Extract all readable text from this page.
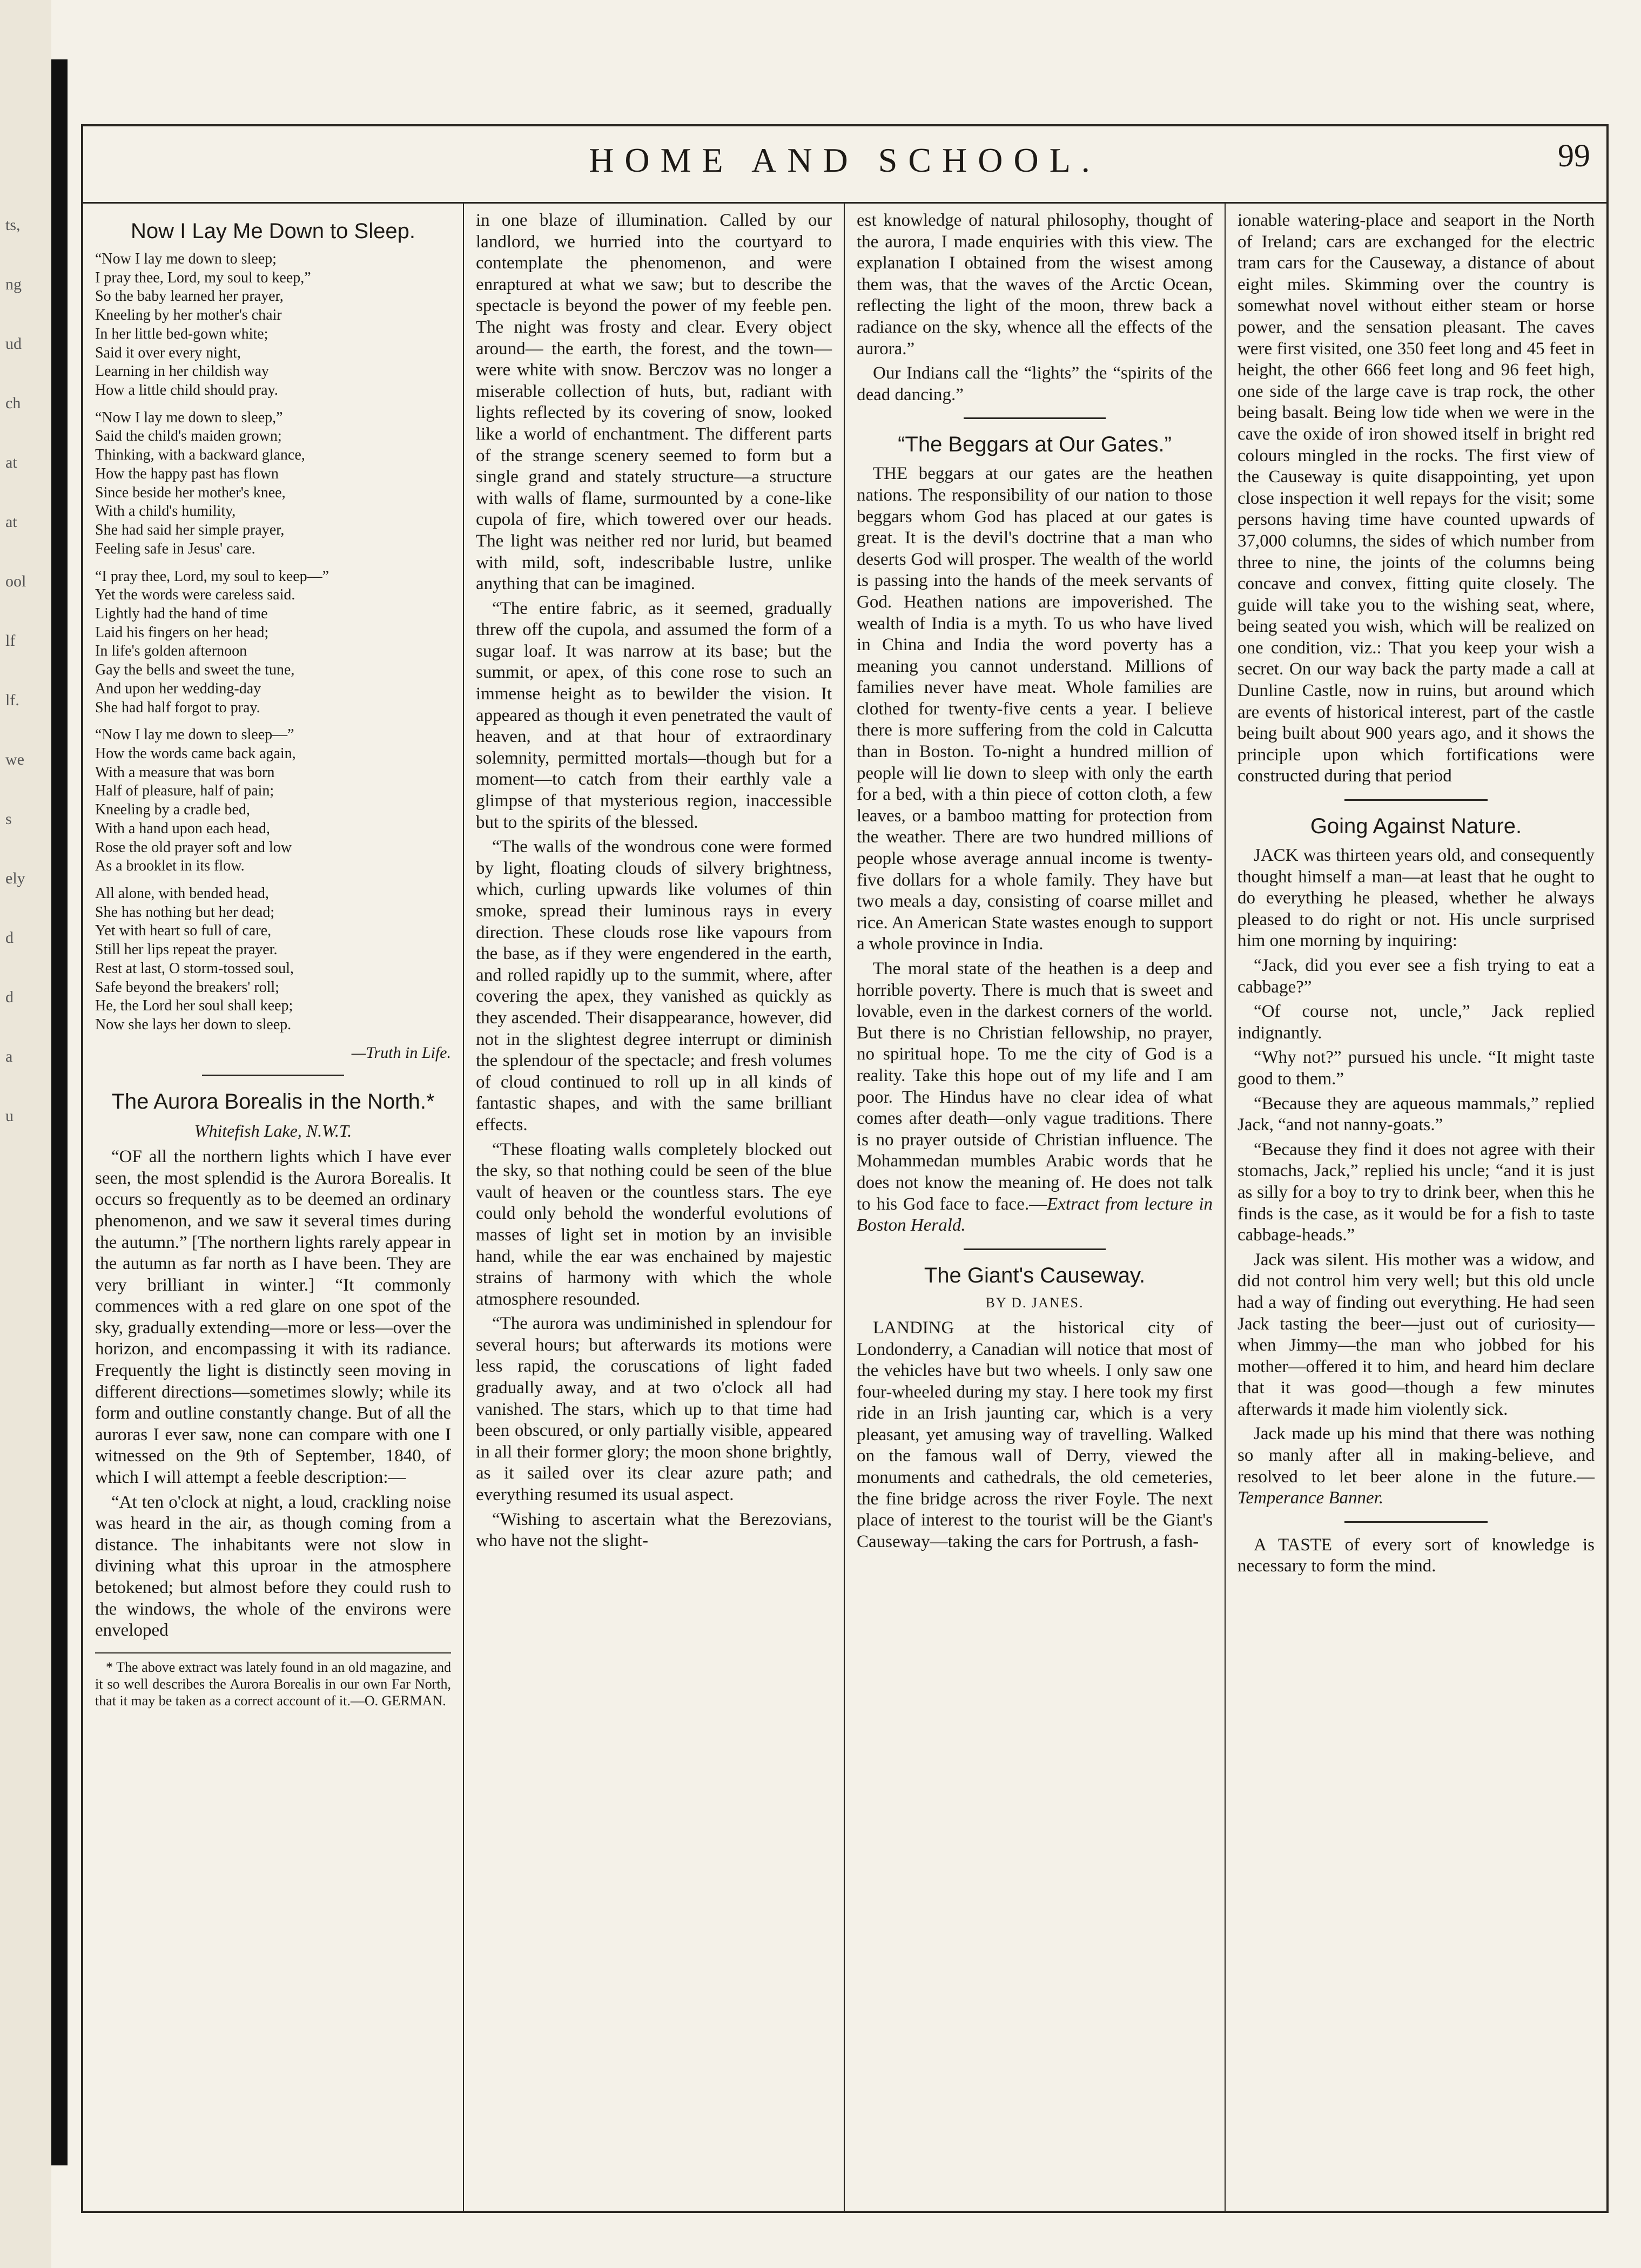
ts,
ng
ud
ch
at
at
ool
lf
lf.
we
s
ely
d
d
a
u
HOME AND SCHOOL.	99
Now I Lay Me Down to Sleep.
“Now I lay me down to sleep;
I pray thee, Lord, my soul to keep,”
So the baby learned her prayer,
Kneeling by her mother's chair
In her little bed-gown white;
Said it over every night,
Learning in her childish way
How a little child should pray.
“Now I lay me down to sleep,”
Said the child's maiden grown;
Thinking, with a backward glance,
How the happy past has flown
Since beside her mother's knee,
With a child's humility,
She had said her simple prayer,
Feeling safe in Jesus' care.
“I pray thee, Lord, my soul to keep—”
Yet the words were careless said.
Lightly had the hand of time
Laid his fingers on her head;
In life's golden afternoon
Gay the bells and sweet the tune,
And upon her wedding-day
She had half forgot to pray.
“Now I lay me down to sleep—”
How the words came back again,
With a measure that was born
Half of pleasure, half of pain;
Kneeling by a cradle bed,
With a hand upon each head,
Rose the old prayer soft and low
As a brooklet in its flow.
All alone, with bended head,
She has nothing but her dead;
Yet with heart so full of care,
Still her lips repeat the prayer.
Rest at last, O storm-tossed soul,
Safe beyond the breakers' roll;
He, the Lord her soul shall keep;
Now she lays her down to sleep.
—Truth in Life.
The Aurora Borealis in the North.*
Whitefish Lake, N.W.T.

“OF all the northern lights which I have ever seen, the most splendid is the Aurora Borealis. It occurs so frequently as to be deemed an ordinary phenomenon, and we saw it several times during the autumn.” [The northern lights rarely appear in the autumn as far north as I have been. They are very brilliant in winter.] “It commonly commences with a red glare on one spot of the sky, gradually extending—more or less—over the horizon, and encompassing it with its radiance. Frequently the light is distinctly seen moving in different directions—sometimes slowly; while its form and outline constantly change. But of all the auroras I ever saw, none can compare with one I witnessed on the 9th of September, 1840, of which I will attempt a feeble description:—

“At ten o'clock at night, a loud, crackling noise was heard in the air, as though coming from a distance. The inhabitants were not slow in divining what this uproar in the atmosphere betokened; but almost before they could rush to the windows, the whole of the environs were enveloped

* The above extract was lately found in an old magazine, and it so well describes the Aurora Borealis in our own Far North, that it may be taken as a correct account of it.—O. GERMAN.

in one blaze of illumination. Called by our landlord, we hurried into the courtyard to contemplate the phenomenon, and were enraptured at what we saw; but to describe the spectacle is beyond the power of my feeble pen. The night was frosty and clear. Every object around— the earth, the forest, and the town—were white with snow. Berczov was no longer a miserable collection of huts, but, radiant with lights reflected by its covering of snow, looked like a world of enchantment. The different parts of the strange scenery seemed to form but a single grand and stately structure—a structure with walls of flame, surmounted by a cone-like cupola of fire, which towered over our heads. The light was neither red nor lurid, but beamed with mild, soft, indescribable lustre, unlike anything that can be imagined.

“The entire fabric, as it seemed, gradually threw off the cupola, and assumed the form of a sugar loaf. It was narrow at its base; but the summit, or apex, of this cone rose to such an immense height as to bewilder the vision. It appeared as though it even penetrated the vault of heaven, and at that hour of extraordinary solemnity, permitted mortals—though but for a moment—to catch from their earthly vale a glimpse of that mysterious region, inaccessible but to the spirits of the blessed.

“The walls of the wondrous cone were formed by light, floating clouds of silvery brightness, which, curling upwards like volumes of thin smoke, spread their luminous rays in every direction. These clouds rose like vapours from the base, as if they were engendered in the earth, and rolled rapidly up to the summit, where, after covering the apex, they vanished as quickly as they ascended. Their disappearance, however, did not in the slightest degree interrupt or diminish the splendour of the spectacle; and fresh volumes of cloud continued to roll up in all kinds of fantastic shapes, and with the same brilliant effects.

“These floating walls completely blocked out the sky, so that nothing could be seen of the blue vault of heaven or the countless stars. The eye could only behold the wonderful evolutions of masses of light set in motion by an invisible hand, while the ear was enchained by majestic strains of harmony with which the whole atmosphere resounded.

“The aurora was undiminished in splendour for several hours; but afterwards its motions were less rapid, the coruscations of light faded gradually away, and at two o'clock all had vanished. The stars, which up to that time had been obscured, or only partially visible, appeared in all their former glory; the moon shone brightly, as it sailed over its clear azure path; and everything resumed its usual aspect.

“Wishing to ascertain what the Berezovians, who have not the slight-

est knowledge of natural philosophy, thought of the aurora, I made enquiries with this view. The explanation I obtained from the wisest among them was, that the waves of the Arctic Ocean, reflecting the light of the moon, threw back a radiance on the sky, whence all the effects of the aurora.”

Our Indians call the “lights” the “spirits of the dead dancing.”

“The Beggars at Our Gates.”

THE beggars at our gates are the heathen nations. The responsibility of our nation to those beggars whom God has placed at our gates is great. It is the devil's doctrine that a man who deserts God will prosper. The wealth of the world is passing into the hands of the meek servants of God. Heathen nations are impoverished. The wealth of India is a myth. To us who have lived in China and India the word poverty has a meaning you cannot understand. Millions of families never have meat. Whole families are clothed for twenty-five cents a year. I believe there is more suffering from the cold in Calcutta than in Boston. To-night a hundred million of people will lie down to sleep with only the earth for a bed, with a thin piece of cotton cloth, a few leaves, or a bamboo matting for protection from the weather. There are two hundred millions of people whose average annual income is twenty-five dollars for a whole family. They have but two meals a day, consisting of coarse millet and rice. An American State wastes enough to support a whole province in India.

The moral state of the heathen is a deep and horrible poverty. There is much that is sweet and lovable, even in the darkest corners of the world. But there is no Christian fellowship, no prayer, no spiritual hope. To me the city of God is a reality. Take this hope out of my life and I am poor. The Hindus have no clear idea of what comes after death—only vague traditions. There is no prayer outside of Christian influence. The Mohammedan mumbles Arabic words that he does not know the meaning of. He does not talk to his God face to face.—Extract from lecture in Boston Herald.

The Giant's Causeway.
BY D. JANES.

LANDING at the historical city of Londonderry, a Canadian will notice that most of the vehicles have but two wheels. I only saw one four-wheeled during my stay. I here took my first ride in an Irish jaunting car, which is a very pleasant, yet amusing way of travelling. Walked on the famous wall of Derry, viewed the monuments and cathedrals, the old cemeteries, the fine bridge across the river Foyle. The next place of interest to the tourist will be the Giant's Causeway—taking the cars for Portrush, a fash-

ionable watering-place and seaport in the North of Ireland; cars are exchanged for the electric tram cars for the Causeway, a distance of about eight miles. Skimming over the country is somewhat novel without either steam or horse power, and the sensation pleasant. The caves were first visited, one 350 feet long and 45 feet in height, the other 666 feet long and 96 feet high, one side of the large cave is trap rock, the other being basalt. Being low tide when we were in the cave the oxide of iron showed itself in bright red colours mingled in the rocks. The first view of the Causeway is quite disappointing, yet upon close inspection it well repays for the visit; some persons having time have counted upwards of 37,000 columns, the sides of which number from three to nine, the joints of the columns being concave and convex, fitting quite closely. The guide will take you to the wishing seat, where, being seated you wish, which will be realized on one condition, viz.: That you keep your wish a secret. On our way back the party made a call at Dunline Castle, now in ruins, but around which are events of historical interest, part of the castle being built about 900 years ago, and it shows the principle upon which fortifications were constructed during that period

Going Against Nature.

JACK was thirteen years old, and consequently thought himself a man—at least that he ought to do everything he pleased, whether he always pleased to do right or not. His uncle surprised him one morning by inquiring:

“Jack, did you ever see a fish trying to eat a cabbage?”

“Of course not, uncle,” Jack replied indignantly.

“Why not?” pursued his uncle. “It might taste good to them.”

“Because they are aqueous mammals,” replied Jack, “and not nanny-goats.”

“Because they find it does not agree with their stomachs, Jack,” replied his uncle; “and it is just as silly for a boy to try to drink beer, when this he finds is the case, as it would be for a fish to taste cabbage-heads.”

Jack was silent. His mother was a widow, and did not control him very well; but this old uncle had a way of finding out everything. He had seen Jack tasting the beer—just out of curiosity—when Jimmy—the man who jobbed for his mother—offered it to him, and heard him declare that it was good—though a few minutes afterwards it made him violently sick.

Jack made up his mind that there was nothing so manly after all in making-believe, and resolved to let beer alone in the future.—Temperance Banner.

A TASTE of every sort of knowledge is necessary to form the mind.
